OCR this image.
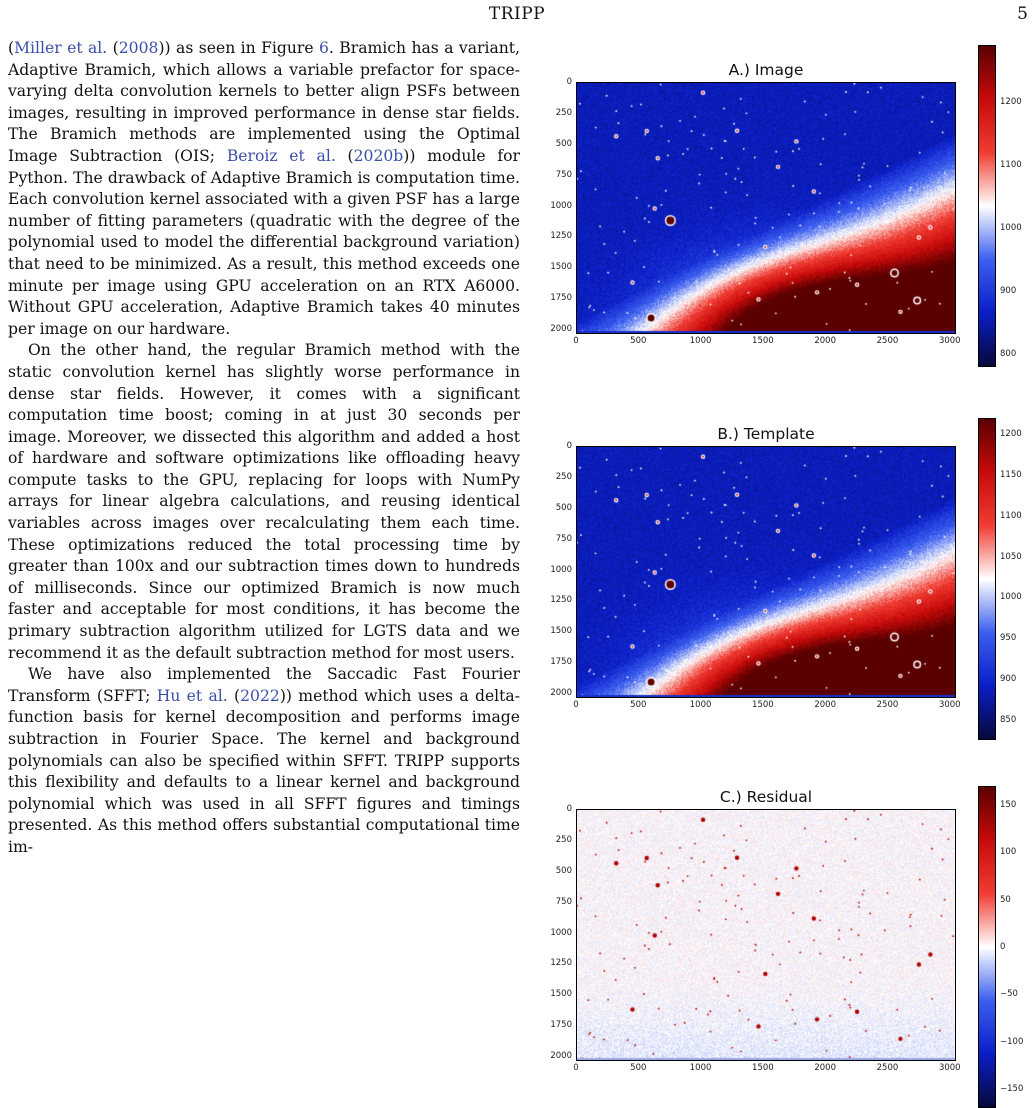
TRIPP	5

(Miller et al. (2008)) as seen in Figure 6. Bramich has a variant, Adaptive Bramich, which allows a variable prefactor for space-varying delta convolution kernels to better align PSFs between images, resulting in improved performance in dense star fields. The Bramich methods are implemented using the Optimal Image Subtraction (OIS; Beroiz et al. (2020b)) module for Python. The drawback of Adaptive Bramich is computation time. Each convolution kernel associated with a given PSF has a large number of fitting parameters (quadratic with the degree of the polynomial used to model the differential background variation) that need to be minimized. As a result, this method exceeds one minute per image using GPU acceleration on an RTX A6000. Without GPU acceleration, Adaptive Bramich takes 40 minutes per image on our hardware.

On the other hand, the regular Bramich method with the static convolution kernel has slightly worse performance in dense star fields. However, it comes with a significant computation time boost; coming in at just 30 seconds per image. Moreover, we dissected this algorithm and added a host of hardware and software optimizations like offloading heavy compute tasks to the GPU, replacing for loops with NumPy arrays for linear algebra calculations, and reusing identical variables across images over recalculating them each time. These optimizations reduced the total processing time by greater than 100x and our subtraction times down to hundreds of milliseconds. Since our optimized Bramich is now much faster and acceptable for most conditions, it has become the primary subtraction algorithm utilized for LGTS data and we recommend it as the default subtraction method for most users.

We have also implemented the Saccadic Fast Fourier Transform (SFFT; Hu et al. (2022)) method which uses a delta-function basis for kernel decomposition and performs image subtraction in Fourier Space. The kernel and background polynomials can also be specified within SFFT. TRIPP supports this flexibility and defaults to a linear kernel and background polynomial which was used in all SFFT figures and timings presented. As this method offers substantial computational time im-

A.) Image
0	500	1000	1500	2000	2500	3000
0
250
500
750
1000
1250
1500
1750
2000
800
900
1000
1100
1200
B.) Template
0	500	1000	1500	2000	2500	3000
0
250
500
750
1000
1250
1500
1750
2000
850
900
950
1000
1050
1100
1150
1200
C.) Residual
0	500	1000	1500	2000	2500	3000
0
250
500
750
1000
1250
1500
1750
2000
150
100
50
0
−50
−100
−150
